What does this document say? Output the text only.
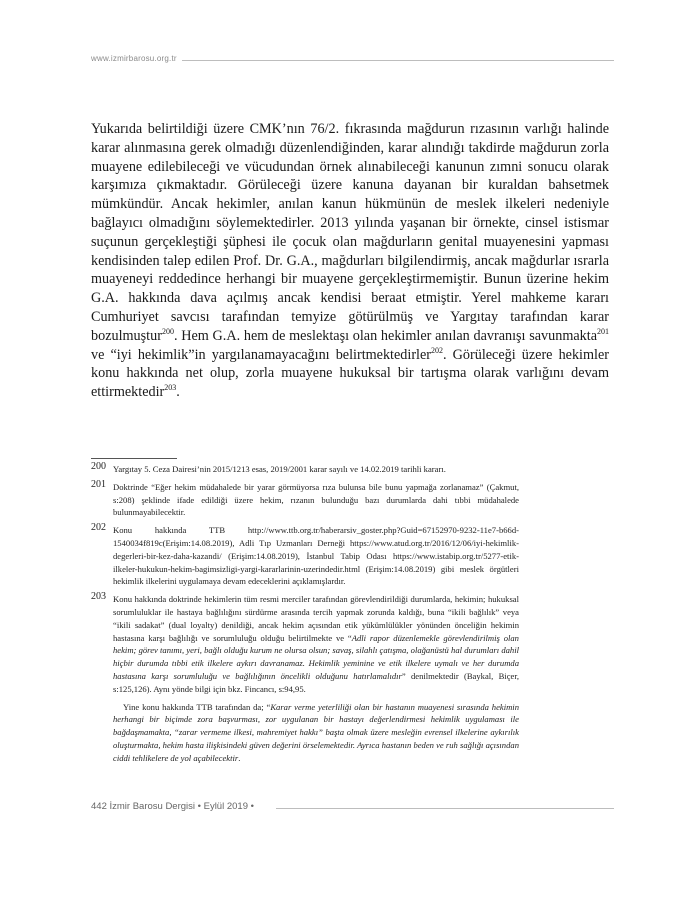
www.izmirbarosu.org.tr

Yukarıda belirtildiği üzere CMK’nın 76/2. fıkrasında mağdurun rızasının varlığı halinde karar alınmasına gerek olmadığı düzenlendiğinden, karar alındığı takdirde mağdurun zorla muayene edilebileceği ve vücudundan örnek alınabileceği kanunun zımni sonucu olarak karşımıza çıkmaktadır. Görüleceği üzere kanuna dayanan bir kuraldan bahsetmek mümkündür. Ancak hekimler, anılan kanun hükmünün de meslek ilkeleri nedeniyle bağlayıcı olmadığını söylemektedirler. 2013 yılında yaşanan bir örnekte, cinsel istismar suçunun gerçekleştiği şüphesi ile çocuk olan mağdurların genital muayenesini yapması kendisinden talep edilen Prof. Dr. G.A., mağdurları bilgilendirmiş, ancak mağdurlar ısrarla muayeneyi reddedince herhangi bir muayene gerçekleştirmemiştir. Bunun üzerine hekim G.A. hakkında dava açılmış ancak kendisi beraat etmiştir. Yerel mahkeme kararı Cumhuriyet savcısı tarafından temyize götürülmüş ve Yargıtay tarafından karar bozulmuştur$^{200}$. Hem G.A. hem de meslektaşı olan hekimler anılan davranışı savunmakta$^{201}$ ve “iyi hekimlik”in yargılanamayacağını belirtmektedirler$^{202}$. Görüleceği üzere hekimler konu hakkında net olup, zorla muayene hukuksal bir tartışma olarak varlığını devam ettirmektedir$^{203}$.

200 Yargıtay 5. Ceza Dairesi’nin 2015/1213 esas, 2019/2001 karar sayılı ve 14.02.2019 tarihli kararı.
201 Doktrinde “Eğer hekim müdahalede bir yarar görmüyorsa rıza bulunsa bile bunu yapmağa zorlanamaz” (Çakmut, s:208) şeklinde ifade edildiği üzere hekim, rızanın bulunduğu bazı durumlarda dahi tıbbi müdahalede bulunmayabilecektir.
202 Konu hakkında TTB http://www.ttb.org.tr/haberarsiv_goster.php?Guid=67152970-9232-11e7-b66d-1540034f819c(Erişim:14.08.2019), Adli Tıp Uzmanları Derneği https://www.atud.org.tr/2016/12/06/iyi-hekimlik-degerleri-bir-kez-daha-kazandi/ (Erişim:14.08.2019), İstanbul Tabip Odası https://www.istabip.org.tr/5277-etik-ilkeler-hukukun-hekim-bagimsizligi-yargi-kararlarinin-uzerindedir.html (Erişim:14.08.2019) gibi meslek örgütleri hekimlik ilkelerini uygulamaya devam edeceklerini açıklamışlardır.
203 Konu hakkında doktrinde hekimlerin tüm resmi merciler tarafından görevlendirildiği durumlarda, hekimin; hukuksal sorumluluklar ile hastaya bağlılığını sürdürme arasında tercih yapmak zorunda kaldığı, buna “ikili bağlılık” veya “ikili sadakat” (dual loyalty) denildiği, ancak hekim açısından etik yükümlülükler yönünden önceliğin hekimin hastasına karşı bağlılığı ve sorumluluğu olduğu belirtilmekte ve “Adli rapor düzenlemekle görevlendirilmiş olan hekim; görev tanımı, yeri, bağlı olduğu kurum ne olursa olsun; savaş, silahlı çatışma, olağanüstü hal durumları dahil hiçbir durumda tıbbi etik ilkelere aykırı davranamaz. Hekimlik yeminine ve etik ilkelere uymalı ve her durumda hastasına karşı sorumluluğu ve bağlılığının öncelikli olduğunu hatırlamalıdır” denilmektedir (Baykal, Biçer, s:125,126). Aynı yönde bilgi için bkz. Fincancı, s:94,95.
Yine konu hakkında TTB tarafından da; “Karar verme yeterliliği olan bir hastanın muayenesi sırasında hekimin herhangi bir biçimde zora başvurması, zor uygulanan bir hastayı değerlendirmesi hekimlik uygulaması ile bağdaşmamakta, “zarar vermeme ilkesi, mahremiyet hakkı” başta olmak üzere mesleğin evrensel ilkelerine aykırılık oluşturmakta, hekim hasta ilişkisindeki güven değerini örselemektedir. Ayrıca hastanın beden ve ruh sağlığı açısından ciddi tehlikelere de yol açabilecektir.
442 İzmir Barosu Dergisi • Eylül 2019 •
